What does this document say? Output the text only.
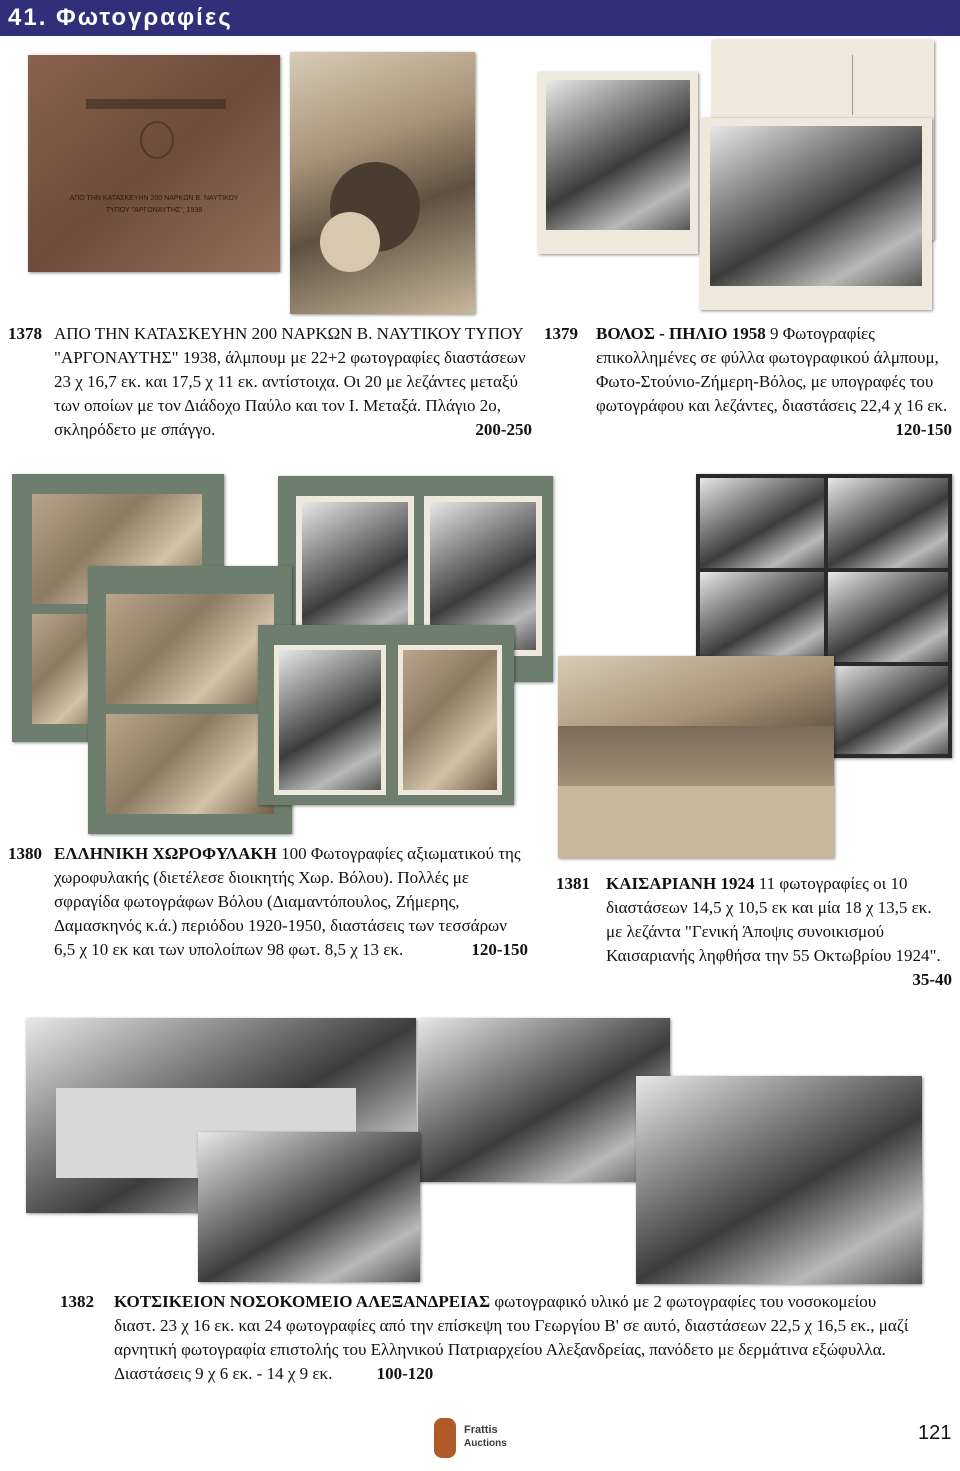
41. Φωτογραφίες
ΑΠΟ ΤΗΝ ΚΑΤΑΣΚΕΥΗΝ 200 ΝΑΡΚΩΝ Β. ΝΑΥΤΙΚΟΥ
ΤΥΠΟΥ "ΑΡΓΟΝΑΥΤΗΣ", 1938
1378 ΑΠΟ ΤΗΝ ΚΑΤΑΣΚΕΥΗΝ 200 ΝΑΡΚΩΝ Β. ΝΑΥΤΙΚΟΥ ΤΥΠΟΥ "ΑΡΓΟΝΑΥΤΗΣ" 1938, άλμπουμ με 22+2 φωτογραφίες διαστάσεων 23 χ 16,7 εκ. και 17,5 χ 11 εκ. αντίστοιχα. Οι 20 με λεζάντες μεταξύ των οποίων με τον Διάδοχο Παύλο και τον Ι. Μεταξά. Πλάγιο 2ο, σκληρόδετο με σπάγγο.	200-250
1379 ΒΟΛΟΣ - ΠΗΛΙΟ 1958 9 Φωτογραφίες επικολλημένες σε φύλλα φωτογραφικού άλμπουμ, Φωτο-Στούνιο-Ζήμερη-Βόλος, με υπογραφές του φωτογράφου και λεζάντες, διαστάσεις 22,4 χ 16 εκ.
120-150
1380 ΕΛΛΗΝΙΚΗ ΧΩΡΟΦΥΛΑΚΗ 100 Φωτογραφίες αξιωματικού της χωροφυλακής (διετέλεσε διοικητής Χωρ. Βόλου). Πολλές με σφραγίδα φωτογράφων Βόλου (Διαμαντόπουλος, Ζήμερης, Δαμασκηνός κ.ά.) περιόδου 1920-1950, διαστάσεις των τεσσάρων 6,5 χ 10 εκ και των υπολοίπων 98 φωτ. 8,5 χ 13 εκ.	120-150
1381 ΚΑΙΣΑΡΙΑΝΗ 1924 11 φωτογραφίες οι 10 διαστάσεων 14,5 χ 10,5 εκ και μία 18 χ 13,5 εκ. με λεζάντα "Γενική Άποψις συνοικισμού Καισαριανής ληφθήσα την 55 Οκτωβρίου 1924".
35-40
1382 ΚΟΤΣΙΚΕΙΟΝ ΝΟΣΟΚΟΜΕΙΟ ΑΛΕΞΑΝΔΡΕΙΑΣ φωτογραφικό υλικό με 2 φωτογραφίες του νοσοκομείου διαστ. 23 χ 16 εκ. και 24 φωτογραφίες από την επίσκεψη του Γεωργίου Β' σε αυτό, διαστάσεων 22,5 χ 16,5 εκ., μαζί αρνητική φωτογραφία επιστολής του Ελληνικού Πατριαρχείου Αλεξανδρείας, πανόδετο με δερμάτινα εξώφυλλα. Διαστάσεις 9 χ 6 εκ. - 14 χ 9 εκ.	100-120
Frattis
Auctions	121
